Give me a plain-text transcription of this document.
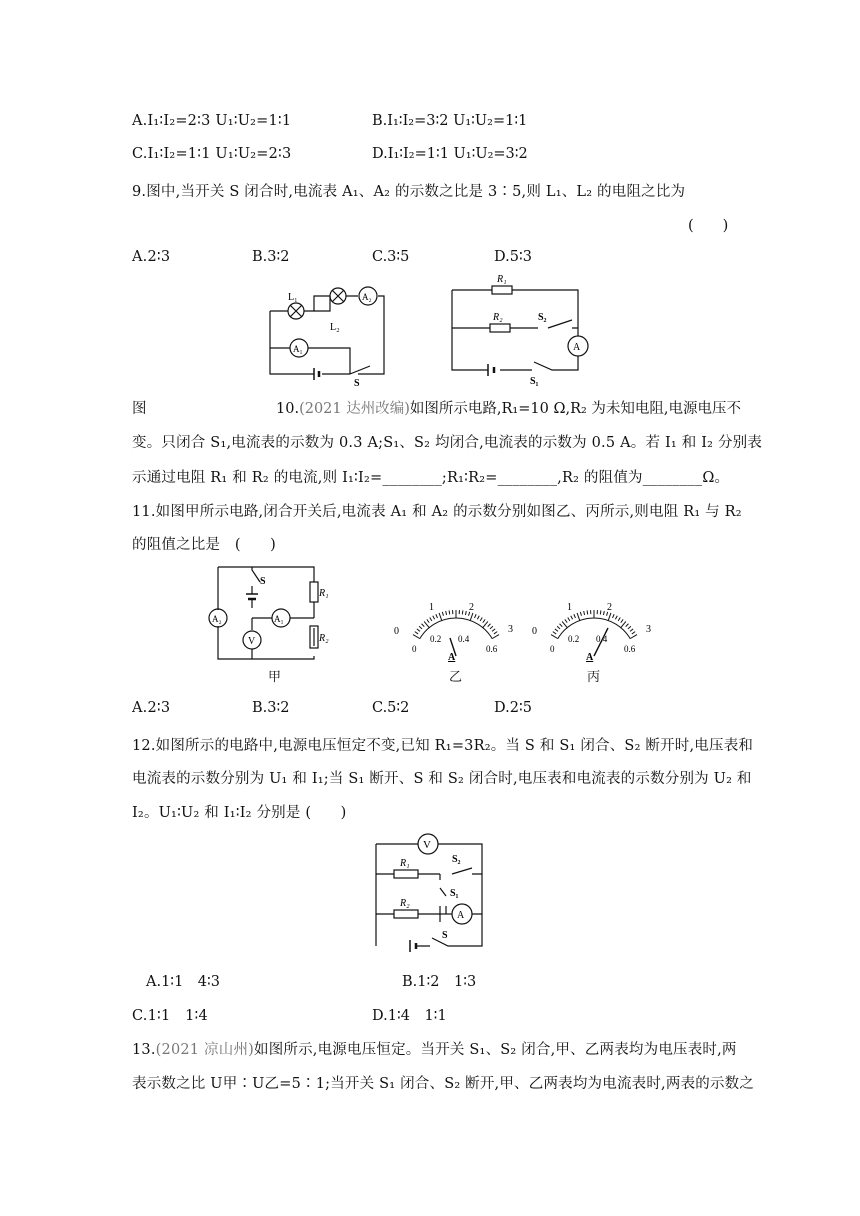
A.I₁∶I₂=2∶3 U₁∶U₂=1∶1	B.I₁∶I₂=3∶2 U₁∶U₂=1∶1
C.I₁∶I₂=1∶1 U₁∶U₂=2∶3	D.I₁∶I₂=1∶1 U₁∶U₂=3∶2
9.图中,当开关 S 闭合时,电流表 A₁、A₂ 的示数之比是 3∶5,则 L₁、L₂ 的电阻之比为
(　　)
A.2∶3	B.3∶2	C.3∶5	D.5∶3
L₁
L₂
A₂
A₁
S
R₁
R₂	S₂
A
S₁
图	10.(2021 达州改编)如图所示电路,R₁=10 Ω,R₂ 为未知电阻,电源电压不
变。只闭合 S₁,电流表的示数为 0.3 A;S₁、S₂ 均闭合,电流表的示数为 0.5 A。若 I₁ 和 I₂ 分别表
示通过电阻 R₁ 和 R₂ 的电流,则 I₁∶I₂=________;R₁∶R₂=________,R₂ 的阻值为________Ω。
11.如图甲所示电路,闭合开关后,电流表 A₁ 和 A₂ 的示数分别如图乙、丙所示,则电阻 R₁ 与 R₂
的阻值之比是　(　　)
A₂	A₁
V
S
R₁
R₂
甲
0
1	2
3
0
0.2 0.4
0.6
A
乙
0
1	2
3
0
0.2 0.4
0.6
A
丙
A.2∶3	B.3∶2	C.5∶2	D.2∶5
12.如图所示的电路中,电源电压恒定不变,已知 R₁=3R₂。当 S 和 S₁ 闭合、S₂ 断开时,电压表和
电流表的示数分别为 U₁ 和 I₁;当 S₁ 断开、S 和 S₂ 闭合时,电压表和电流表的示数分别为 U₂ 和
I₂。U₁∶U₂ 和 I₁∶I₂ 分别是 (　　)
V
R₁	S₂
S₁
R₂
A
S
A.1∶1　4∶3	B.1∶2　1∶3
C.1∶1　1∶4	D.1∶4　1∶1
13.(2021 凉山州)如图所示,电源电压恒定。当开关 S₁、S₂ 闭合,甲、乙两表均为电压表时,两
表示数之比 U甲∶U乙=5∶1;当开关 S₁ 闭合、S₂ 断开,甲、乙两表均为电流表时,两表的示数之
